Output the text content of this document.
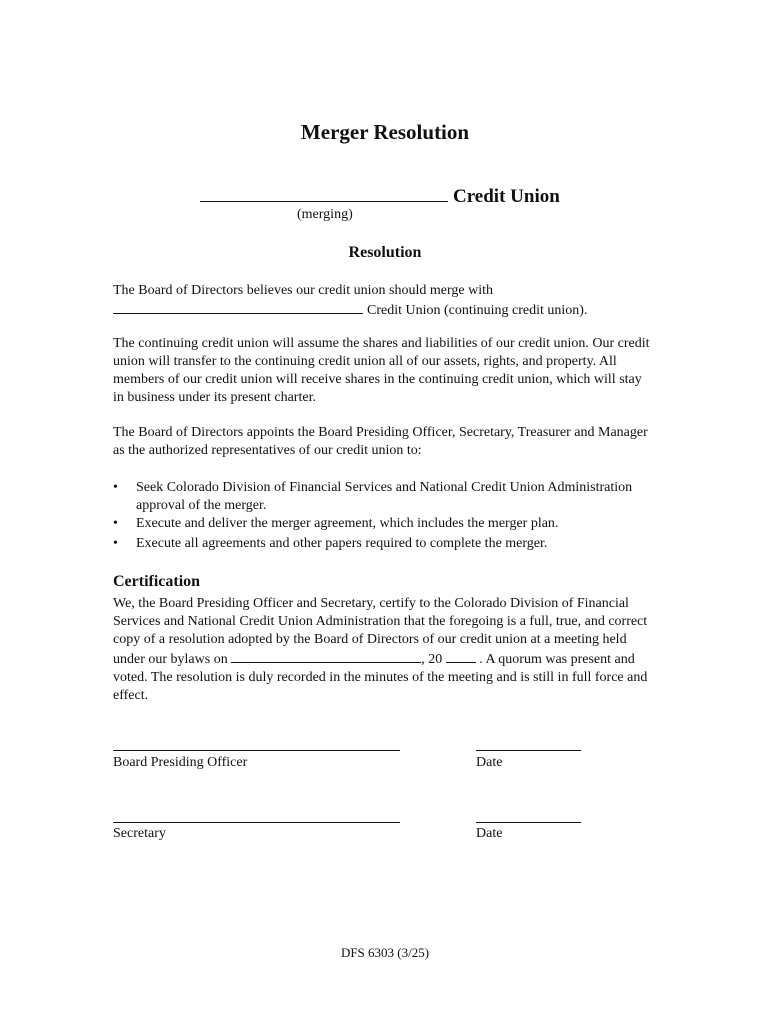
Merger Resolution
Credit Union
(merging)
Resolution
The Board of Directors believes our credit union should merge with
Credit Union (continuing credit union).

The continuing credit union will assume the shares and liabilities of our credit union. Our credit union will transfer to the continuing credit union all of our assets, rights, and property. All members of our credit union will receive shares in the continuing credit union, which will stay in business under its present charter.

The Board of Directors appoints the Board Presiding Officer, Secretary, Treasurer and Manager as the authorized representatives of our credit union to:

• Seek Colorado Division of Financial Services and National Credit Union Administration approval of the merger.
• Execute and deliver the merger agreement, which includes the merger plan.
• Execute all agreements and other papers required to complete the merger.
Certification
We, the Board Presiding Officer and Secretary, certify to the Colorado Division of Financial Services and National Credit Union Administration that the foregoing is a full, true, and correct copy of a resolution adopted by the Board of Directors of our credit union at a meeting held under our bylaws on	, 20	. A quorum was present and voted. The resolution is duly recorded in the minutes of the meeting and is still in full force and effect.
Board Presiding Officer	Date
Secretary	Date
DFS 6303 (3/25)
